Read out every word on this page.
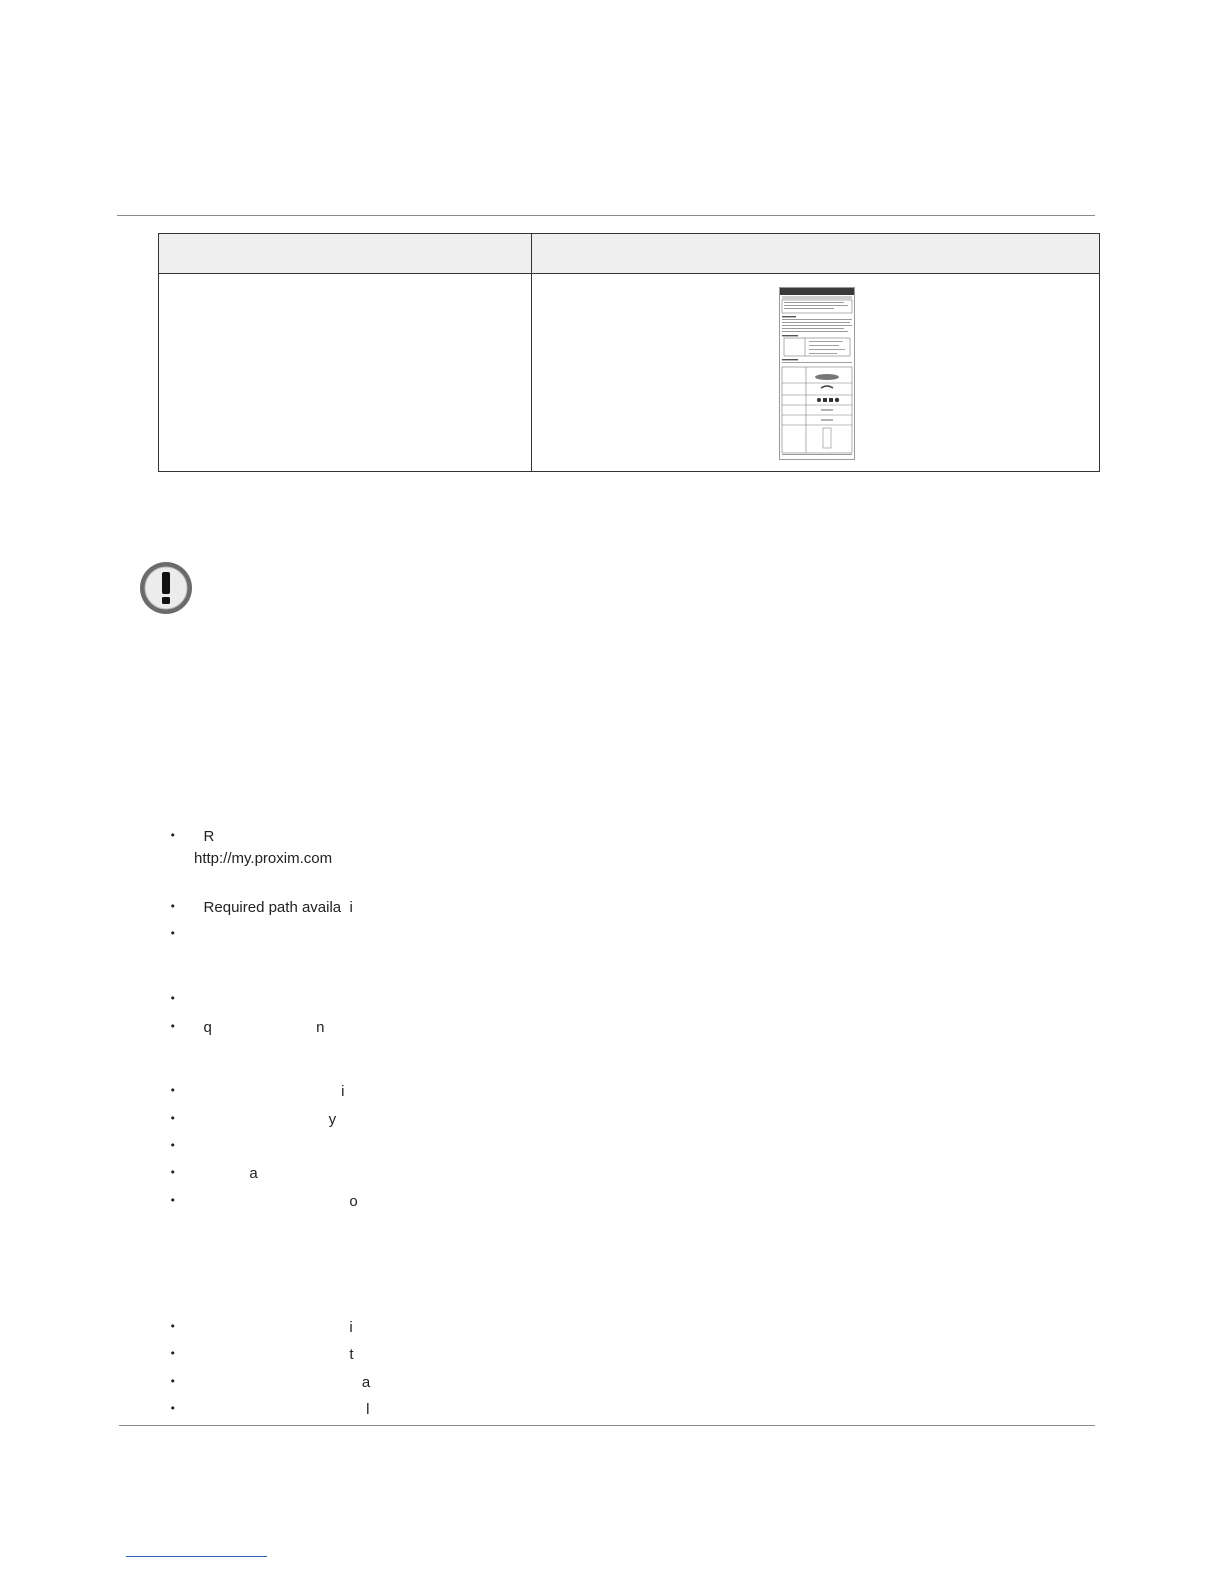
• R

http://my.proxim.com

• Required path availa  i

•

•

• q                         n

•                                 i

•                              y

•

•           a

•                                   o

•                                   i

•                                   t

•                                      a

•                                       l
